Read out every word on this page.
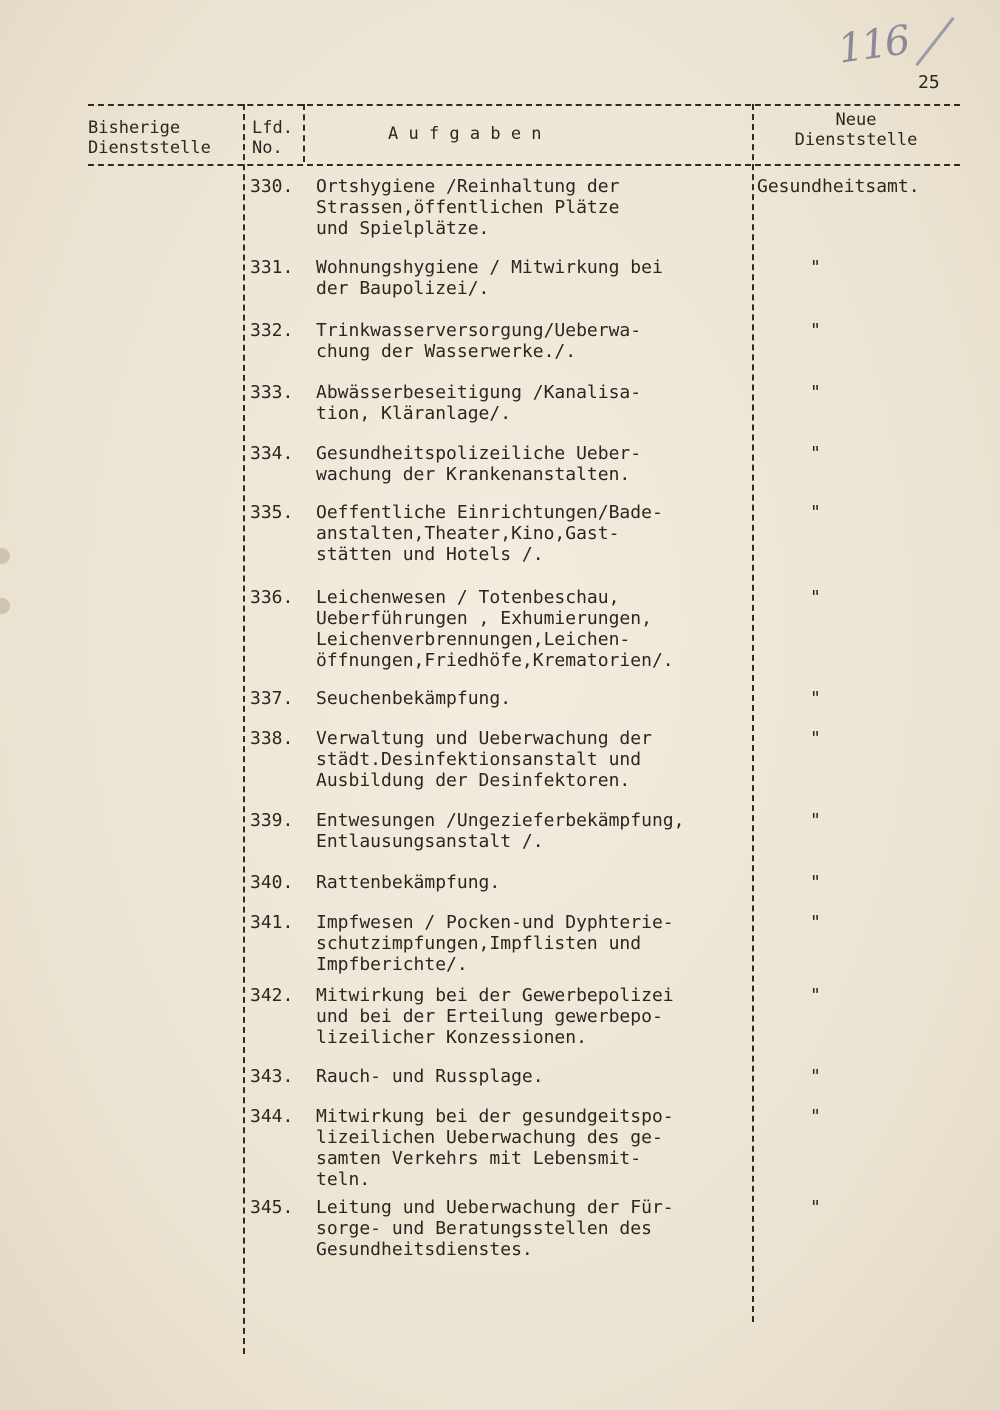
116
25
Bisherige
Dienststelle
Lfd.
No.
A u f g a b e n
Neue
Dienststelle
330. Ortshygiene /Reinhaltung der
Strassen,öffentlichen Plätze
und Spielplätze.
Gesundheitsamt.
331. Wohnungshygiene / Mitwirkung bei
der Baupolizei/.
"
332. Trinkwasserversorgung/Ueberwa-
chung der Wasserwerke./.
"
333. Abwässerbeseitigung /Kanalisa-
tion, Kläranlage/.
"
334. Gesundheitspolizeiliche Ueber-
wachung der Krankenanstalten.
"
335. Oeffentliche Einrichtungen/Bade-
anstalten,Theater,Kino,Gast-
stätten und Hotels /.
"
336. Leichenwesen / Totenbeschau,
Ueberführungen , Exhumierungen,
Leichenverbrennungen,Leichen-
öffnungen,Friedhöfe,Krematorien/.
"
337. Seuchenbekämpfung.	"
338. Verwaltung und Ueberwachung der
städt.Desinfektionsanstalt und
Ausbildung der Desinfektoren.
"
339. Entwesungen /Ungezieferbekämpfung,
Entlausungsanstalt /.
"
340. Rattenbekämpfung.	"
341. Impfwesen / Pocken-und Dyphterie-
schutzimpfungen,Impflisten und
Impfberichte/.
"
342. Mitwirkung bei der Gewerbepolizei
und bei der Erteilung gewerbepo-
lizeilicher Konzessionen.
"
343. Rauch- und Russplage.	"
344. Mitwirkung bei der gesundgeitspo-
lizeilichen Ueberwachung des ge-
samten Verkehrs mit Lebensmit-
teln.
"
345. Leitung und Ueberwachung der Für-
sorge- und Beratungsstellen des
Gesundheitsdienstes.
"
